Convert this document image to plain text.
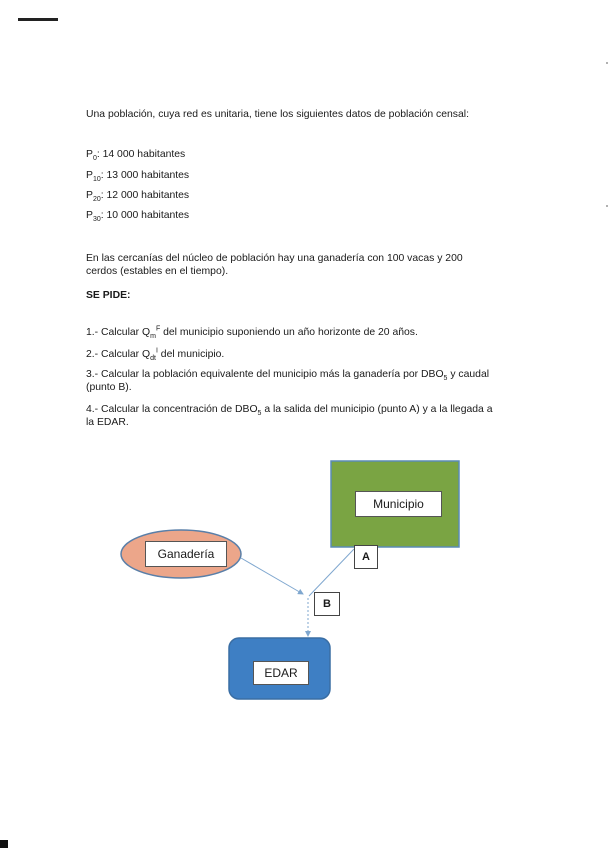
Una población, cuya red es unitaria, tiene los siguientes datos de población censal:
$P_0$: 14 000 habitantes
$P_{10}$: 13 000 habitantes
$P_{20}$: 12 000 habitantes
$P_{30}$: 10 000 habitantes
En las cercanías del núcleo de población hay una ganadería con 100 vacas y 200 cerdos (estables en el tiempo).
SE PIDE:
1.- Calcular $Q_m^F$ del municipio suponiendo un año horizonte de 20 años.
2.- Calcular $Q_{dt}^I$ del municipio.
3.- Calcular la población equivalente del municipio más la ganadería por $DBO_5$ y caudal (punto B).
4.- Calcular la concentración de $DBO_5$ a la salida del municipio (punto A) y a la llegada a la EDAR.
Municipio
Ganadería
EDAR
A
B
